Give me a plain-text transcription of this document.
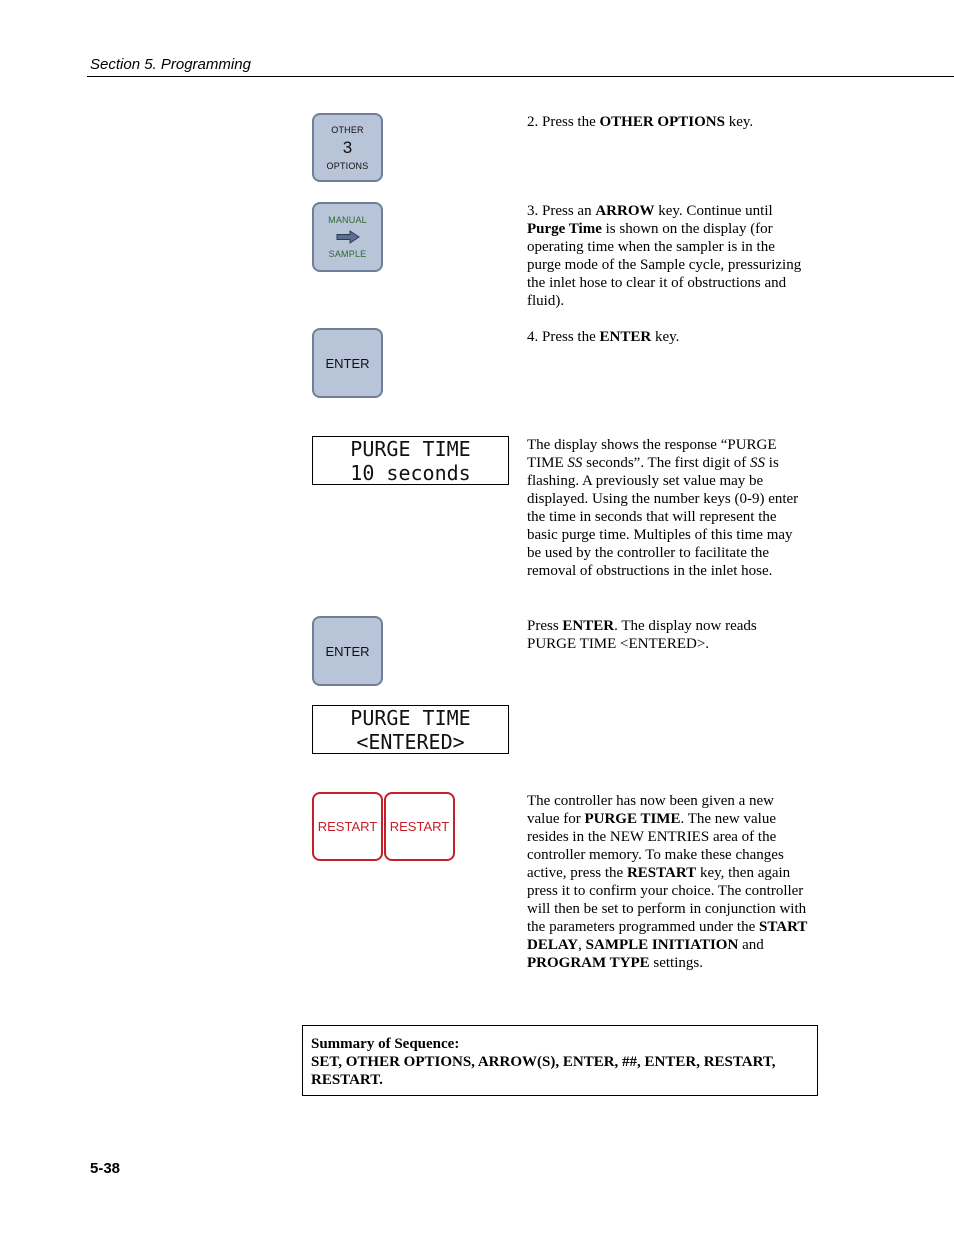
Section 5. Programming
OTHER
3
OPTIONS
2. Press the OTHER OPTIONS key.
MANUAL
SAMPLE
3. Press an ARROW key. Continue until Purge Time is shown on the display (for operating time when the sampler is in the purge mode of the Sample cycle, pressurizing the inlet hose to clear it of obstructions and fluid).
ENTER
4. Press the ENTER key.
PURGE TIME
10 seconds
The display shows the response “PURGE TIME SS seconds”. The first digit of SS is flashing. A previously set value may be displayed. Using the number keys (0-9) enter the time in seconds that will represent the basic purge time. Multiples of this time may be used by the controller to facilitate the removal of obstructions in the inlet hose.
ENTER
Press ENTER. The display now reads PURGE TIME <ENTERED>.
PURGE TIME
<ENTERED>
RESTART RESTART
The controller has now been given a new value for PURGE TIME. The new value resides in the NEW ENTRIES area of the controller memory. To make these changes active, press the RESTART key, then again press it to confirm your choice. The controller will then be set to perform in conjunction with the parameters programmed under the START DELAY, SAMPLE INITIATION and PROGRAM TYPE settings.
Summary of Sequence:
SET, OTHER OPTIONS, ARROW(S), ENTER, ##, ENTER, RESTART, RESTART.
5-38
